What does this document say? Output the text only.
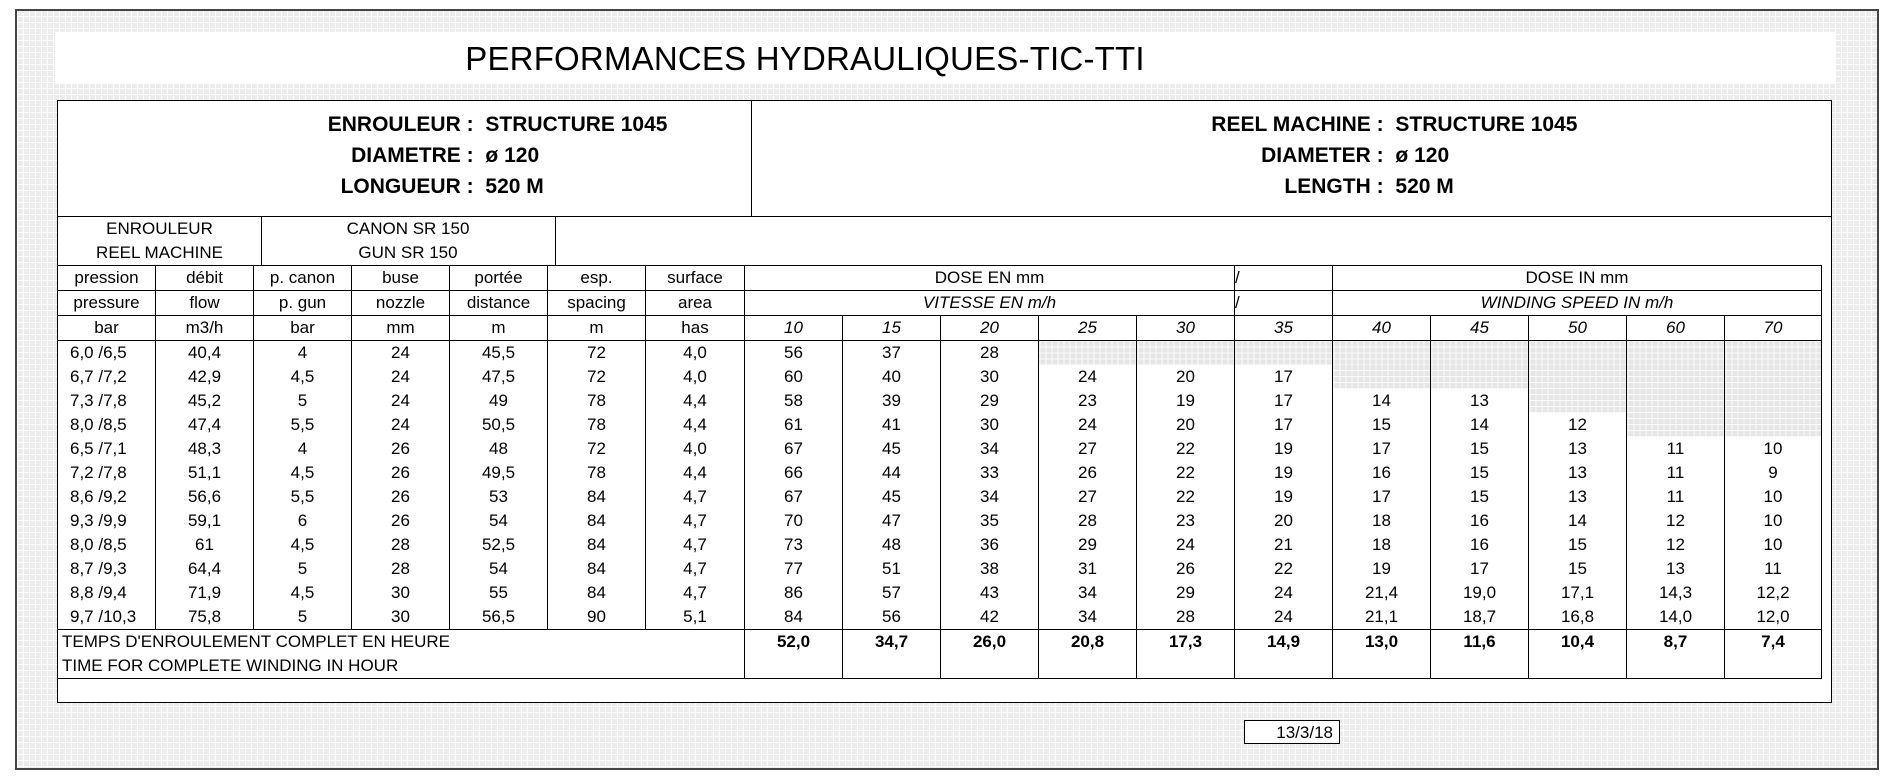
PERFORMANCES HYDRAULIQUES-TIC-TTI
ENROULEUR : STRUCTURE 1045
DIAMETRE : ø 120
LONGUEUR : 520 M
REEL MACHINE : STRUCTURE 1045
DIAMETER : ø 120
LENGTH : 520 M
ENROULEUR
REEL MACHINE
CANON SR 150
GUN SR 150
pression	débit	p. canon	buse	portée	esp.	surface	DOSE EN mm					/	DOSE IN mm				
pressure	flow	p. gun	nozzle	distance	spacing	area	VITESSE EN m/h					/	WINDING SPEED IN m/h				
bar	m3/h	bar	mm	m	m	has	10	15	20	25	30	35	40	45	50	60	70
6,0 /6,5	40,4	4	24	45,5	72	4,0	56	37	28								
6,7 /7,2	42,9	4,5	24	47,5	72	4,0	60	40	30	24	20	17					
7,3 /7,8	45,2	5	24	49	78	4,4	58	39	29	23	19	17	14	13			
8,0 /8,5	47,4	5,5	24	50,5	78	4,4	61	41	30	24	20	17	15	14	12		
6,5 /7,1	48,3	4	26	48	72	4,0	67	45	34	27	22	19	17	15	13	11	10
7,2 /7,8	51,1	4,5	26	49,5	78	4,4	66	44	33	26	22	19	16	15	13	11	9
8,6 /9,2	56,6	5,5	26	53	84	4,7	67	45	34	27	22	19	17	15	13	11	10
9,3 /9,9	59,1	6	26	54	84	4,7	70	47	35	28	23	20	18	16	14	12	10
8,0 /8,5	61	4,5	28	52,5	84	4,7	73	48	36	29	24	21	18	16	15	12	10
8,7 /9,3	64,4	5	28	54	84	4,7	77	51	38	31	26	22	19	17	15	13	11
8,8 /9,4	71,9	4,5	30	55	84	4,7	86	57	43	34	29	24	21,4	19,0	17,1	14,3	12,2
9,7 /10,3	75,8	5	30	56,5	90	5,1	84	56	42	34	28	24	21,1	18,7	16,8	14,0	12,0
TEMPS D'ENROULEMENT COMPLET EN HEURE							52,0	34,7	26,0	20,8	17,3	14,9	13,0	11,6	10,4	8,7	7,4
TIME FOR COMPLETE WINDING IN HOUR																	
13/3/18
